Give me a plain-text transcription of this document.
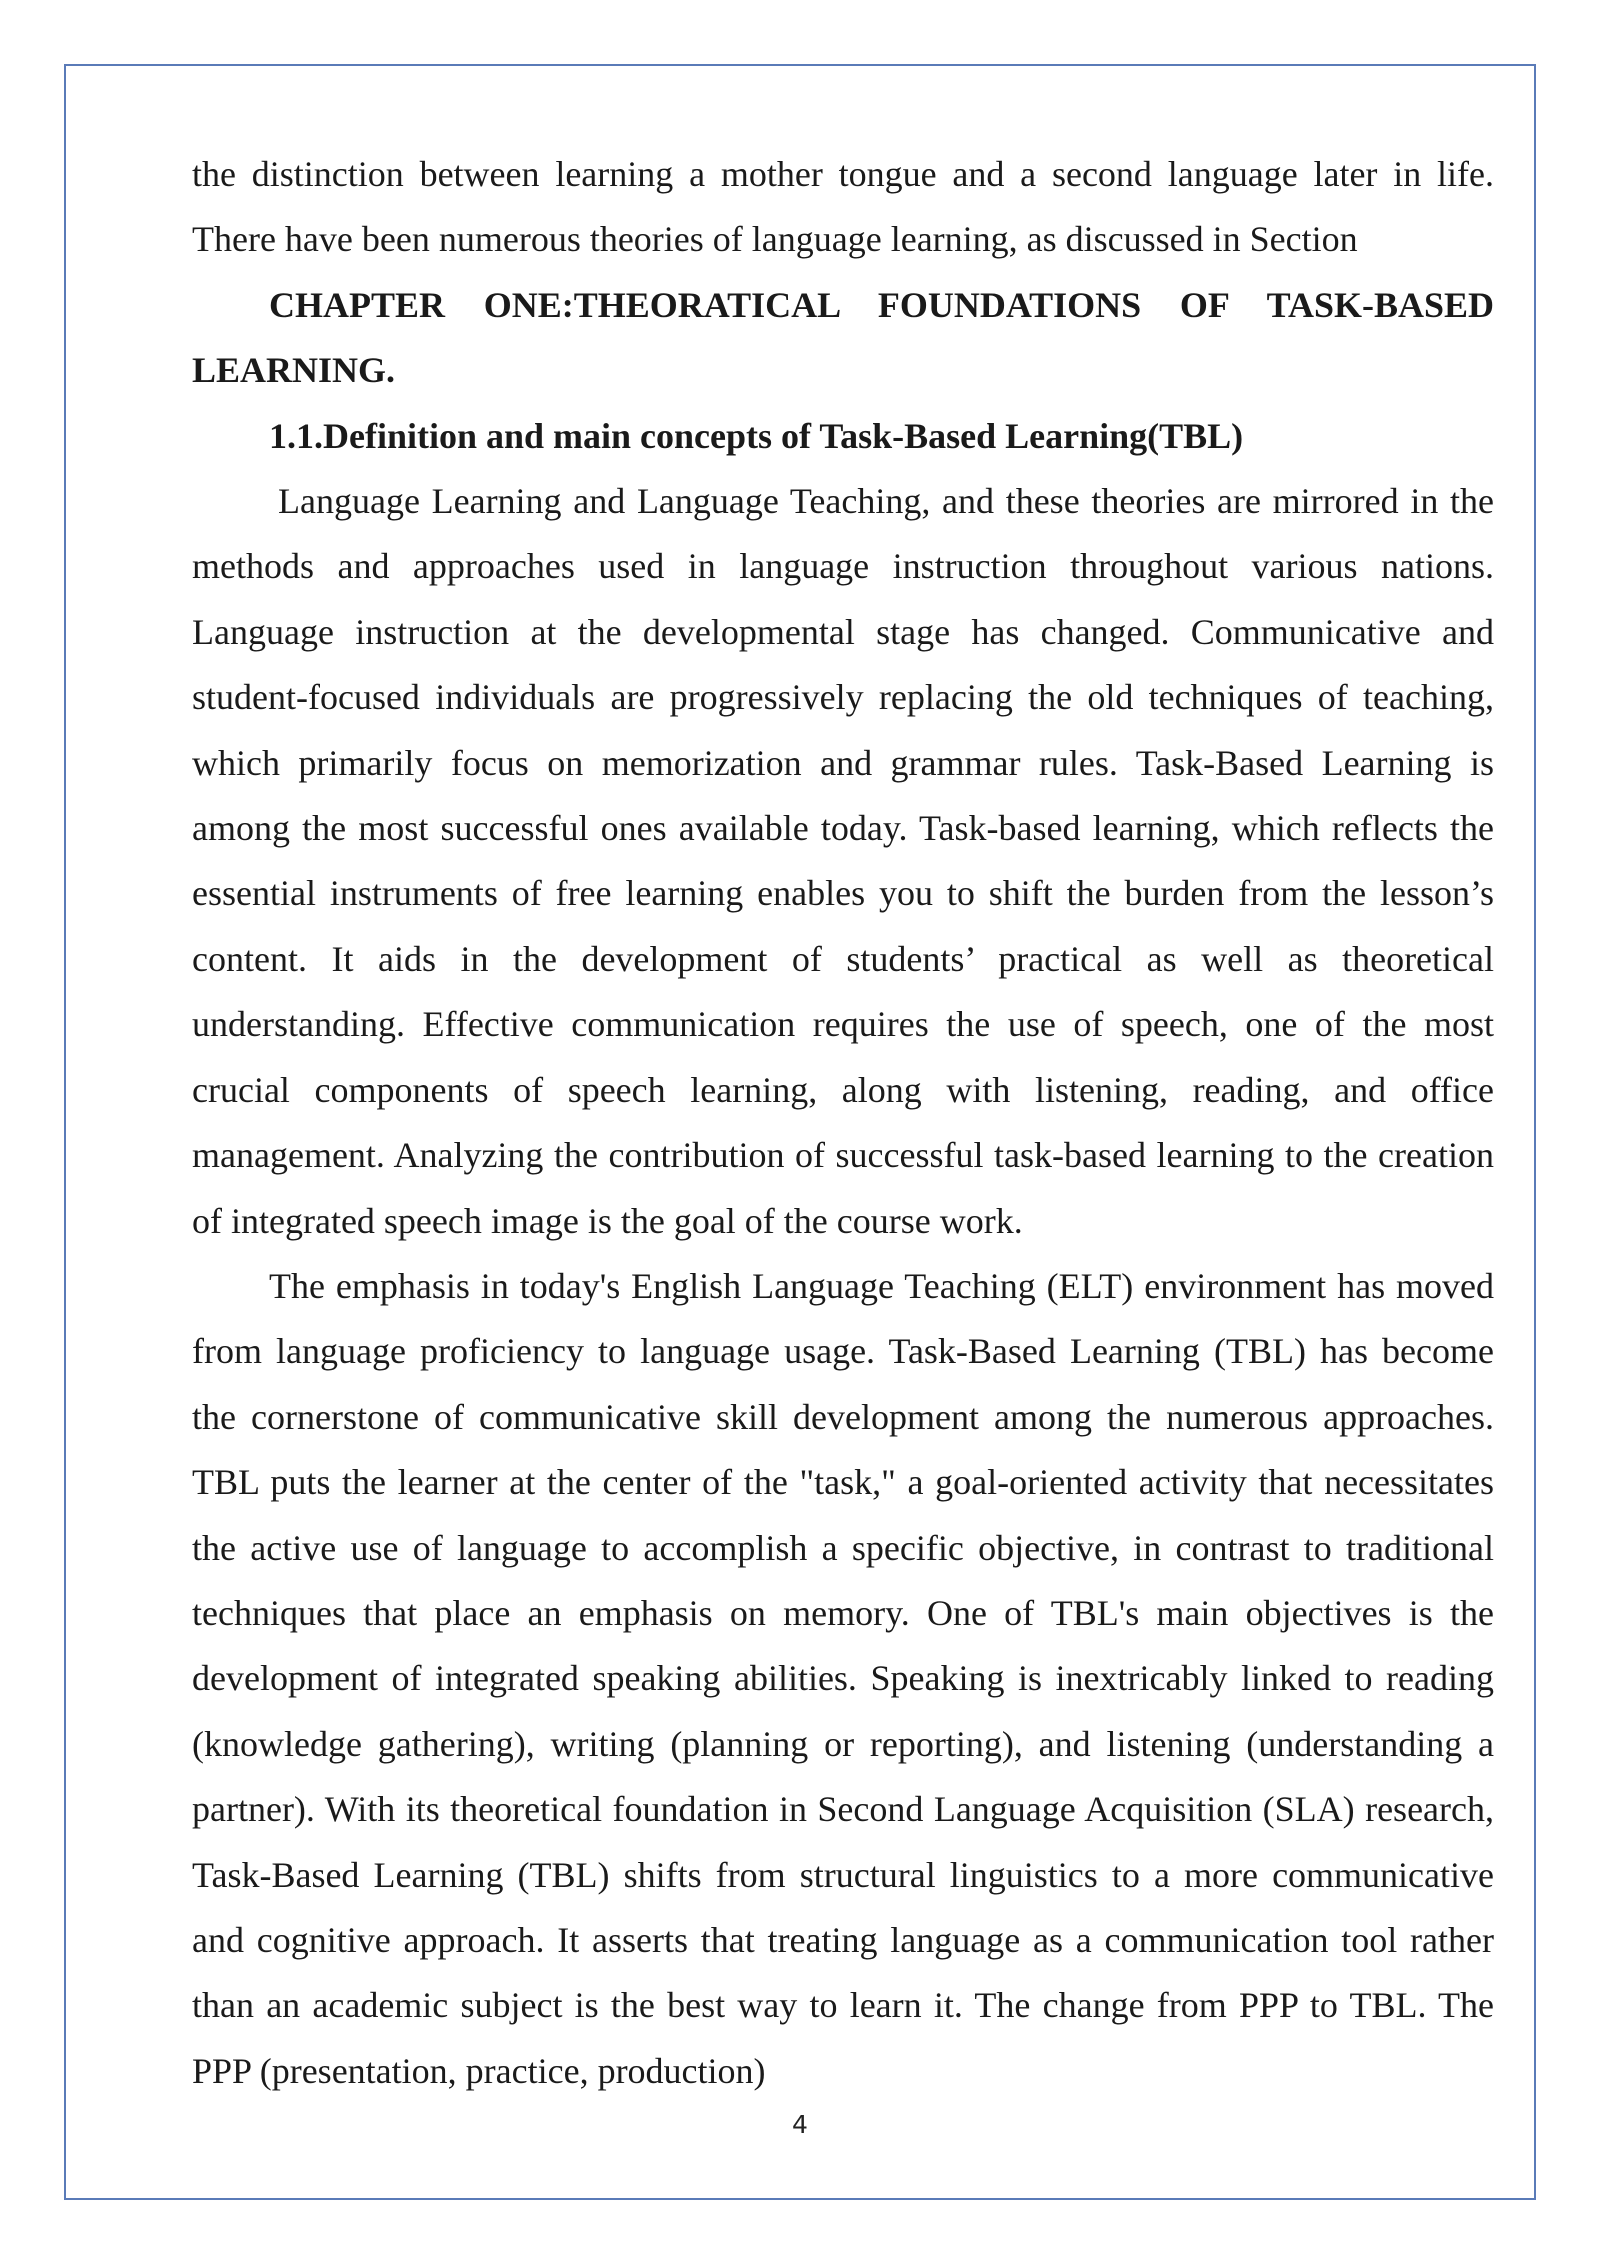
the distinction between learning a mother tongue and a second language later in life. There have been numerous theories of language learning, as discussed in Section

CHAPTER ONE:THEORATICAL FOUNDATIONS OF TASK-BASED LEARNING.

1.1.Definition and main concepts of Task-Based Learning(TBL)

Language Learning and Language Teaching, and these theories are mirrored in the methods and approaches used in language instruction throughout various nations. Language instruction at the developmental stage has changed. Communicative and student-focused individuals are progressively replacing the old techniques of teaching, which primarily focus on memorization and grammar rules. Task-Based Learning is among the most successful ones available today. Task-based learning, which reflects the essential instruments of free learning enables you to shift the burden from the lesson’s content. It aids in the development of students’ practical as well as theoretical understanding. Effective communication requires the use of speech, one of the most crucial components of speech learning, along with listening, reading, and office management. Analyzing the contribution of successful task-based learning to the creation of integrated speech image is the goal of the course work.

The emphasis in today's English Language Teaching (ELT) environment has moved from language proficiency to language usage. Task-Based Learning (TBL) has become the cornerstone of communicative skill development among the numerous approaches. TBL puts the learner at the center of the "task," a goal-oriented activity that necessitates the active use of language to accomplish a specific objective, in contrast to traditional techniques that place an emphasis on memory. One of TBL's main objectives is the development of integrated speaking abilities. Speaking is inextricably linked to reading (knowledge gathering), writing (planning or reporting), and listening (understanding a partner). With its theoretical foundation in Second Language Acquisition (SLA) research, Task-Based Learning (TBL) shifts from structural linguistics to a more communicative and cognitive approach. It asserts that treating language as a communication tool rather than an academic subject is the best way to learn it. The change from PPP to TBL. The PPP (presentation, practice, production)

4
